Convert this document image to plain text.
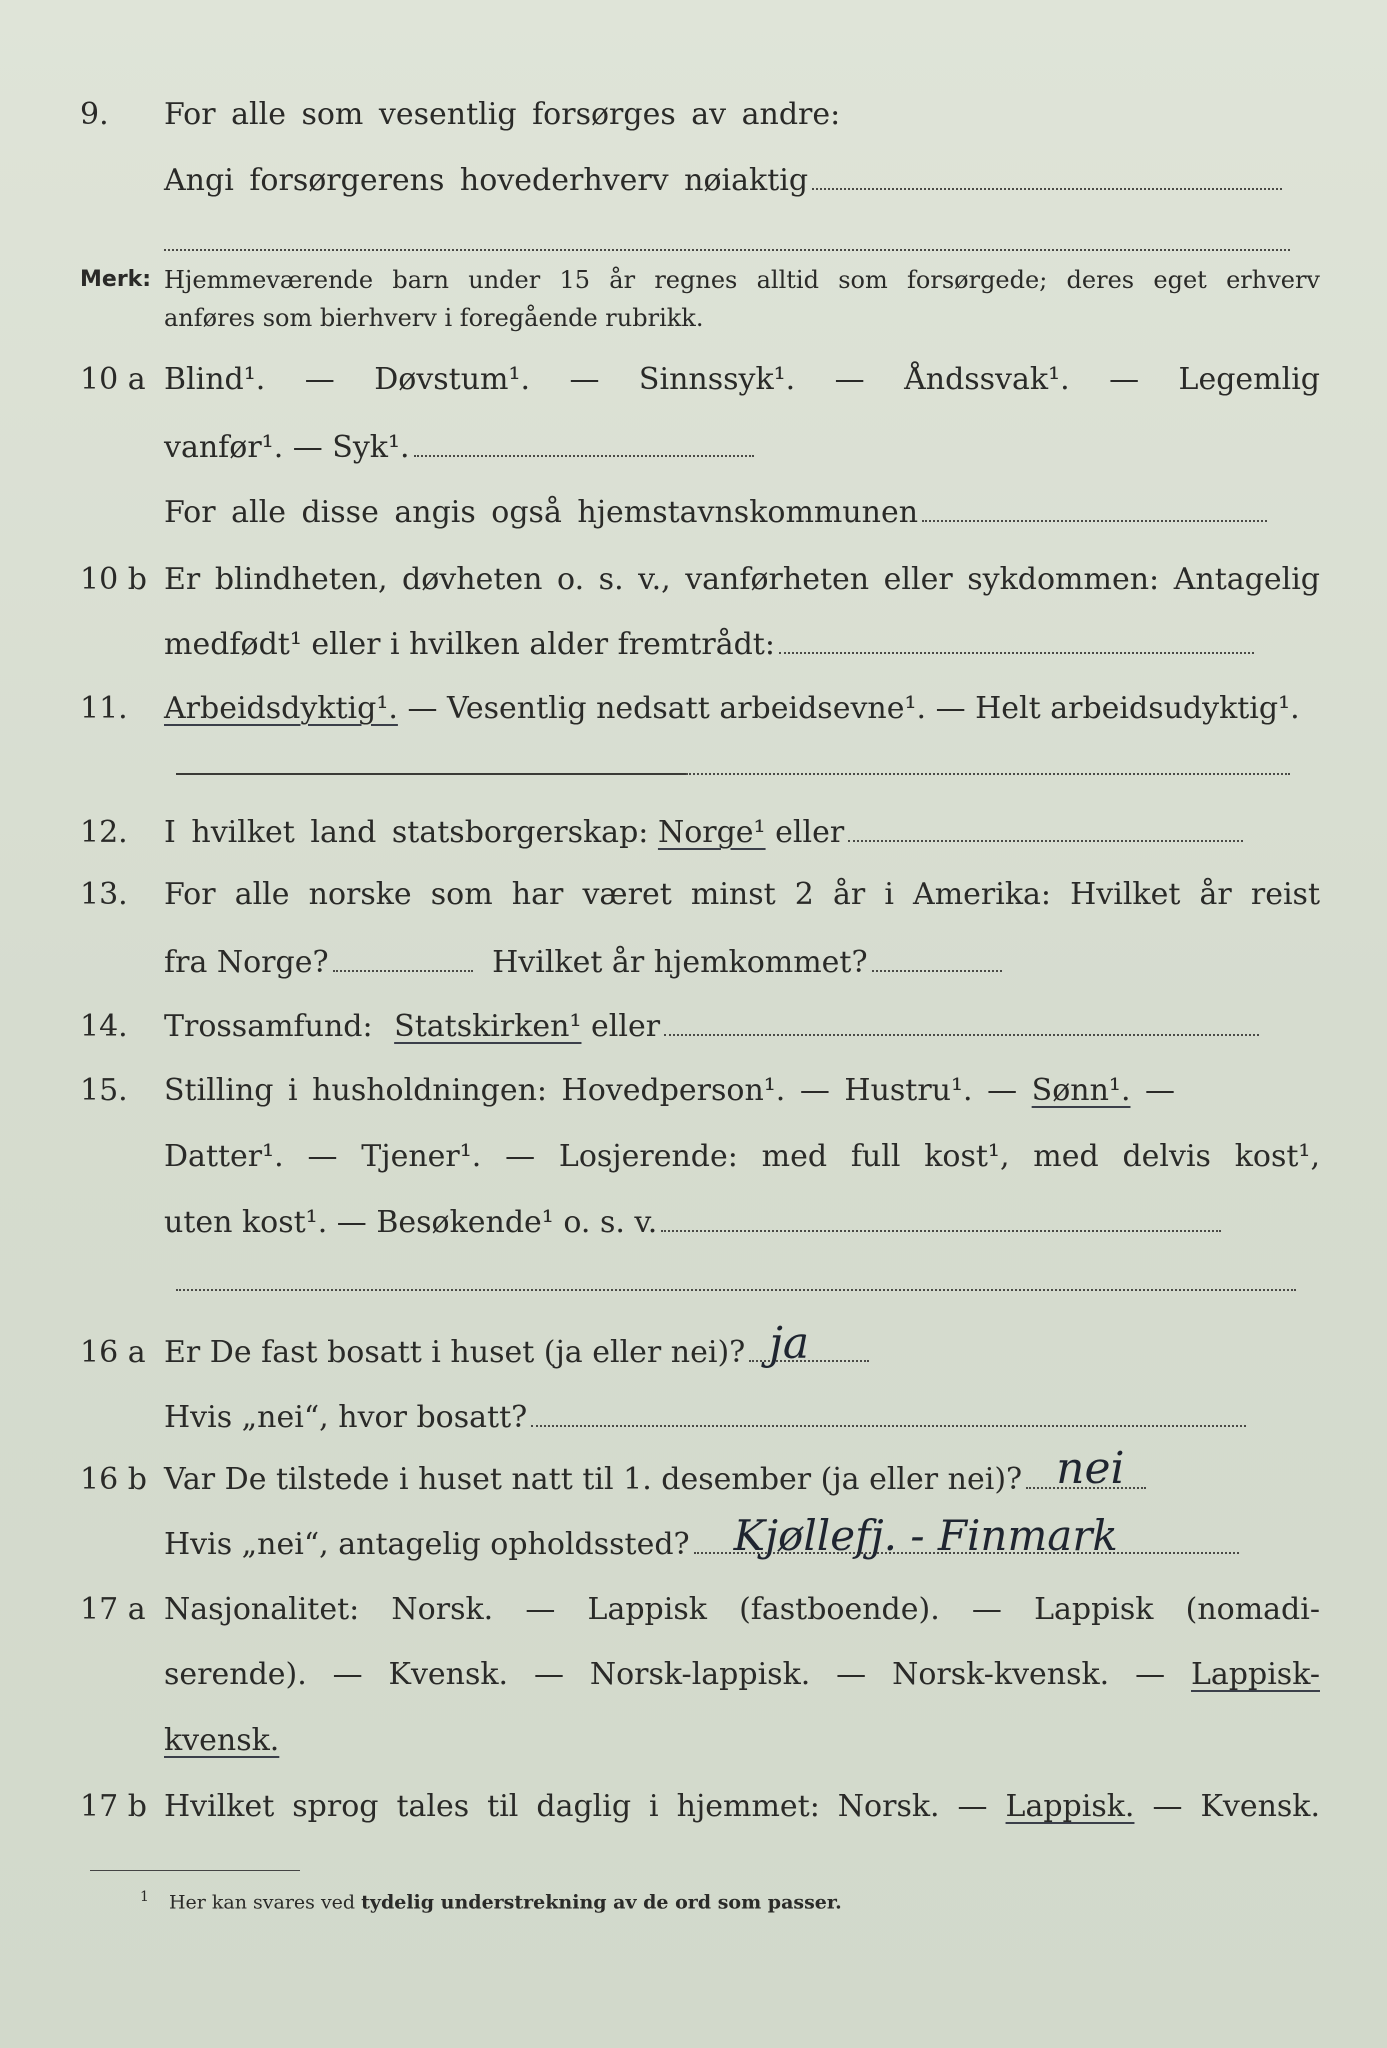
9.	For alle som vesentlig forsørges av andre:
Angi forsørgerens hovederhverv nøiaktig
Merk: Hjemmeværende barn under 15 år regnes alltid som forsørgede; deres eget erhverv
anføres som bierhverv i foregående rubrikk.
10 a Blind¹. — Døvstum¹. — Sinnssyk¹. — Åndssvak¹. — Legemlig
vanfør¹. — Syk¹.
For alle disse angis også hjemstavnskommunen
10 b Er blindheten, døvheten o. s. v., vanførheten eller sykdommen: Antagelig
medfødt¹ eller i hvilken alder fremtrådt:
11.	Arbeidsdyktig¹. — Vesentlig nedsatt arbeidsevne¹. — Helt arbeidsudyktig¹.
12.	I hvilket land statsborgerskap: Norge¹ eller
13.	For alle norske som har været minst 2 år i Amerika: Hvilket år reist
fra Norge?	Hvilket år hjemkommet?
14.	Trossamfund: Statskirken¹ eller
15.	Stilling i husholdningen: Hovedperson¹. — Hustru¹. — Sønn¹. —
Datter¹. — Tjener¹. — Losjerende: med full kost¹, med delvis kost¹,
uten kost¹. — Besøkende¹ o. s. v.
16 a Er De fast bosatt i huset (ja eller nei)? ja
Hvis „nei“, hvor bosatt?
16 b Var De tilstede i huset natt til 1. desember (ja eller nei)? nei
Hvis „nei“, antagelig opholdssted? Kjøllefj. - Finmark
17 a Nasjonalitet: Norsk. — Lappisk (fastboende). — Lappisk (nomadi-
serende). — Kvensk. — Norsk-lappisk. — Norsk-kvensk. — Lappisk-
kvensk.
17 b Hvilket sprog tales til daglig i hjemmet: Norsk. — Lappisk. — Kvensk.
$^1$ Her kan svares ved tydelig understrekning av de ord som passer.
